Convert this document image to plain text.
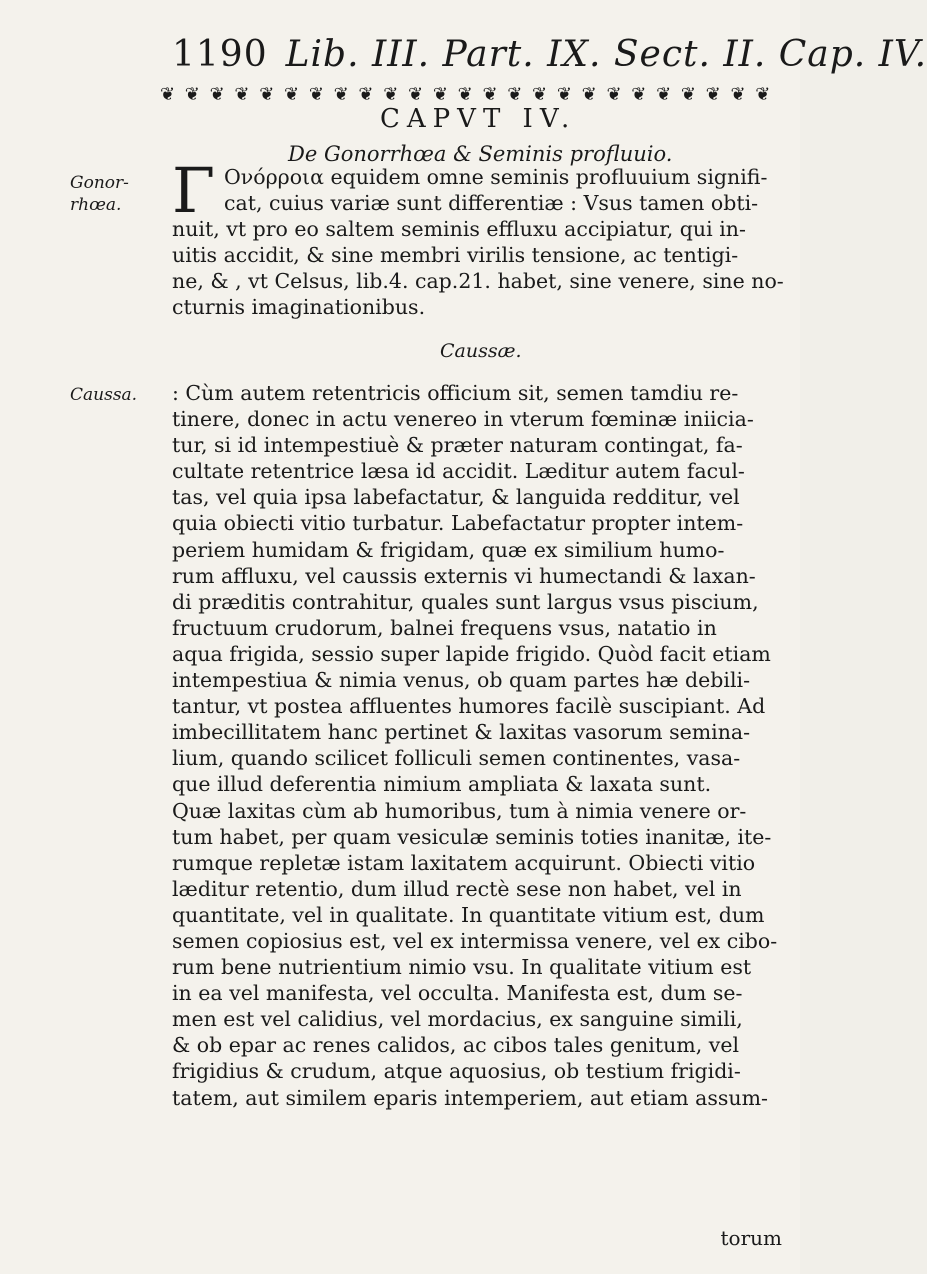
1190 Lib. III. Part. IX. Sect. II. Cap. IV.
❦ ❦ ❦ ❦ ❦ ❦ ❦ ❦ ❦ ❦ ❦ ❦ ❦ ❦ ❦ ❦ ❦ ❦ ❦ ❦ ❦ ❦ ❦ ❦ ❦
CAPVT IV.
De Gonorrhœa & Seminis profluuio.
Gonor-
rhœa.
Caussa.
Γ Ονόρροια equidem omne seminis profluuium signifi-
cat, cuius variæ sunt differentiæ : Vsus tamen obti-
nuit, vt pro eo saltem seminis effluxu accipiatur, qui in-
uitis accidit, & sine membri virilis tensione, ac tentigi-
ne, & , vt Celsus, lib.4. cap.21. habet, sine venere, sine no-
cturnis imaginationibus.
Caussæ.
: Cùm autem retentricis officium sit, semen tamdiu re-
tinere, donec in actu venereo in vterum fœminæ iniicia-
tur, si id intempestiuè & præter naturam contingat, fa-
cultate retentrice læsa id accidit. Læditur autem facul-
tas, vel quia ipsa labefactatur, & languida redditur, vel
quia obiecti vitio turbatur. Labefactatur propter intem-
periem humidam & frigidam, quæ ex similium humo-
rum affluxu, vel caussis externis vi humectandi & laxan-
di præditis contrahitur, quales sunt largus vsus piscium,
fructuum crudorum, balnei frequens vsus, natatio in
aqua frigida, sessio super lapide frigido. Quòd facit etiam
intempestiua & nimia venus, ob quam partes hæ debili-
tantur, vt postea affluentes humores facilè suscipiant. Ad
imbecillitatem hanc pertinet & laxitas vasorum semina-
lium, quando scilicet folliculi semen continentes, vasa-
que illud deferentia nimium ampliata & laxata sunt.
Quæ laxitas cùm ab humoribus, tum à nimia venere or-
tum habet, per quam vesiculæ seminis toties inanitæ, ite-
rumque repletæ istam laxitatem acquirunt. Obiecti vitio
læditur retentio, dum illud rectè sese non habet, vel in
quantitate, vel in qualitate. In quantitate vitium est, dum
semen copiosius est, vel ex intermissa venere, vel ex cibo-
rum bene nutrientium nimio vsu. In qualitate vitium est
in ea vel manifesta, vel occulta. Manifesta est, dum se-
men est vel calidius, vel mordacius, ex sanguine simili,
& ob epar ac renes calidos, ac cibos tales genitum, vel
frigidius & crudum, atque aquosius, ob testium frigidi-
tatem, aut similem eparis intemperiem, aut etiam assum-
torum
